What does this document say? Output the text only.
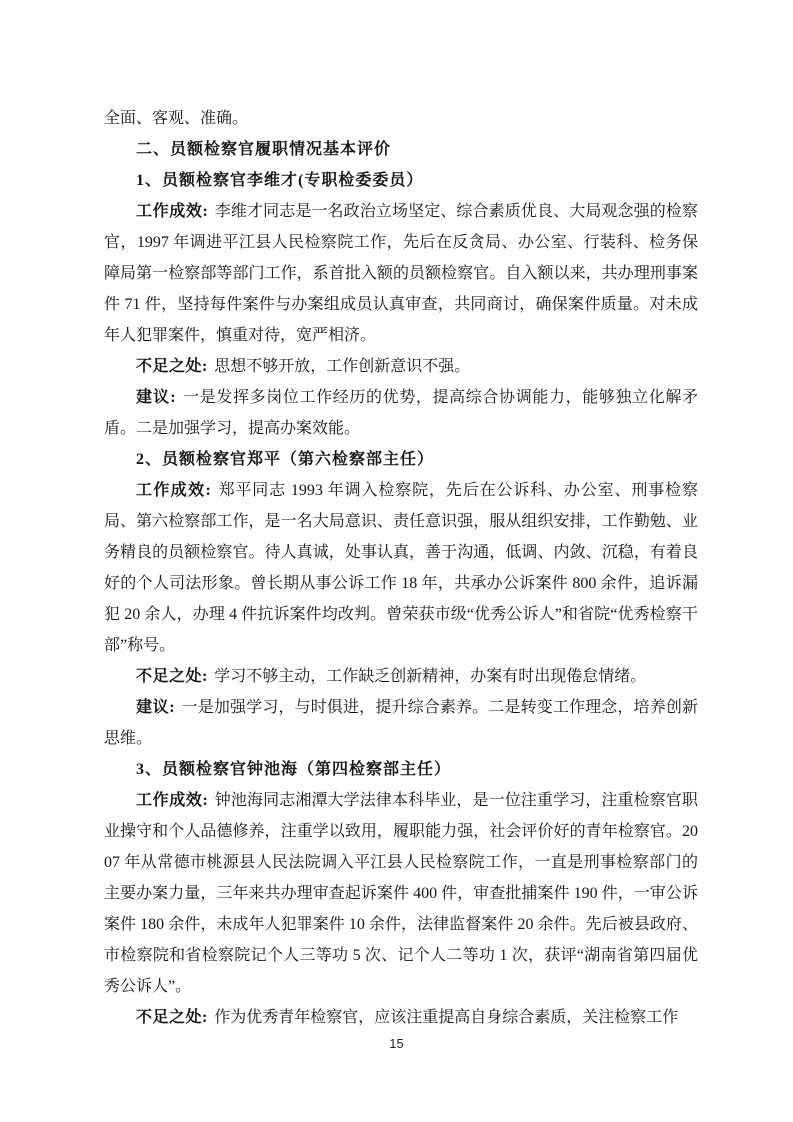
全面、客观、准确。

二、员额检察官履职情况基本评价

1、员额检察官李维才(专职检委委员）

工作成效: 李维才同志是一名政治立场坚定、综合素质优良、大局观念强的检察官，1997 年调进平江县人民检察院工作，先后在反贪局、办公室、行装科、检务保障局第一检察部等部门工作，系首批入额的员额检察官。自入额以来，共办理刑事案件 71 件，坚持每件案件与办案组成员认真审查，共同商讨，确保案件质量。对未成年人犯罪案件，慎重对待，宽严相济。

不足之处: 思想不够开放，工作创新意识不强。

建议: 一是发挥多岗位工作经历的优势，提高综合协调能力，能够独立化解矛盾。二是加强学习，提高办案效能。

2、员额检察官郑平（第六检察部主任）

工作成效: 郑平同志 1993 年调入检察院，先后在公诉科、办公室、刑事检察局、第六检察部工作，是一名大局意识、责任意识强，服从组织安排，工作勤勉、业务精良的员额检察官。待人真诚，处事认真，善于沟通，低调、内敛、沉稳，有着良好的个人司法形象。曾长期从事公诉工作 18 年，共承办公诉案件 800 余件，追诉漏犯 20 余人，办理 4 件抗诉案件均改判。曾荣获市级“优秀公诉人”和省院“优秀检察干部”称号。

不足之处: 学习不够主动，工作缺乏创新精神，办案有时出现倦怠情绪。

建议: 一是加强学习，与时俱进，提升综合素养。二是转变工作理念，培养创新思维。

3、员额检察官钟池海（第四检察部主任）

工作成效: 钟池海同志湘潭大学法律本科毕业，是一位注重学习，注重检察官职业操守和个人品德修养，注重学以致用，履职能力强，社会评价好的青年检察官。2007 年从常德市桃源县人民法院调入平江县人民检察院工作，一直是刑事检察部门的主要办案力量，三年来共办理审查起诉案件 400 件，审查批捕案件 190 件，一审公诉案件 180 余件，未成年人犯罪案件 10 余件，法律监督案件 20 余件。先后被县政府、市检察院和省检察院记个人三等功 5 次、记个人二等功 1 次，获评“湖南省第四届优秀公诉人”。

不足之处: 作为优秀青年检察官，应该注重提高自身综合素质，关注检察工作

15
